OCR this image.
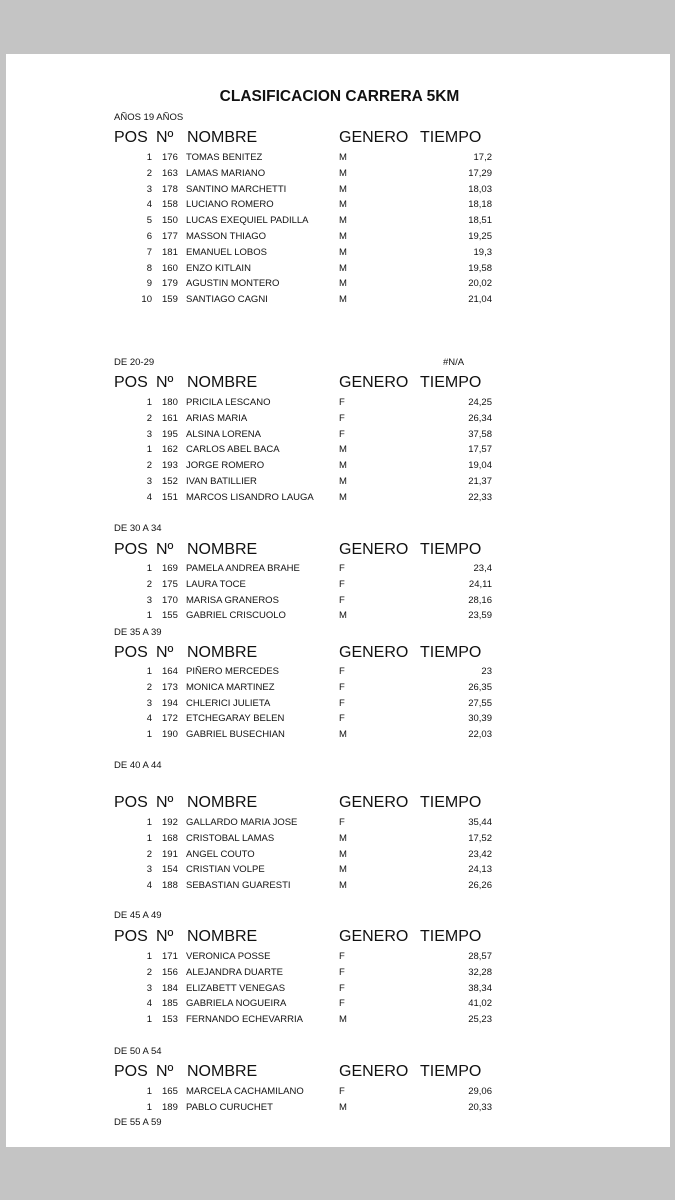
CLASIFICACION CARRERA 5KM
AÑOS 19 AÑOS
POS Nº NOMBRE	GENERO TIEMPO
1 176 TOMAS BENITEZ	M	17,2
2 163 LAMAS MARIANO	M	17,29
3 178 SANTINO MARCHETTI	M	18,03
4 158 LUCIANO ROMERO	M	18,18
5 150 LUCAS EXEQUIEL PADILLA	M	18,51
6 177 MASSON THIAGO	M	19,25
7 181 EMANUEL LOBOS	M	19,3
8 160 ENZO KITLAIN	M	19,58
9 179 AGUSTIN MONTERO	M	20,02
10 159 SANTIAGO CAGNI	M	21,04
DE 20-29	#N/A
POS Nº NOMBRE	GENERO TIEMPO
1 180 PRICILA LESCANO	F	24,25
2 161 ARIAS MARIA	F	26,34
3 195 ALSINA LORENA	F	37,58
1 162 CARLOS ABEL BACA	M	17,57
2 193 JORGE ROMERO	M	19,04
3 152 IVAN BATILLIER	M	21,37
4 151 MARCOS LISANDRO LAUGA	M	22,33
DE 30 A 34
POS Nº NOMBRE	GENERO TIEMPO
1 169 PAMELA ANDREA BRAHE	F	23,4
2 175 LAURA TOCE	F	24,11
3 170 MARISA GRANEROS	F	28,16
1 155 GABRIEL CRISCUOLO	M	23,59
DE 35 A 39
POS Nº NOMBRE	GENERO TIEMPO
1 164 PIÑERO MERCEDES	F	23
2 173 MONICA MARTINEZ	F	26,35
3 194 CHLERICI JULIETA	F	27,55
4 172 ETCHEGARAY BELEN	F	30,39
1 190 GABRIEL BUSECHIAN	M	22,03
DE 40 A 44
POS Nº NOMBRE	GENERO TIEMPO
1 192 GALLARDO MARIA JOSE	F	35,44
1 168 CRISTOBAL LAMAS	M	17,52
2 191 ANGEL COUTO	M	23,42
3 154 CRISTIAN VOLPE	M	24,13
4 188 SEBASTIAN GUARESTI	M	26,26
DE 45 A 49
POS Nº NOMBRE	GENERO TIEMPO
1 171 VERONICA POSSE	F	28,57
2 156 ALEJANDRA DUARTE	F	32,28
3 184 ELIZABETT VENEGAS	F	38,34
4 185 GABRIELA NOGUEIRA	F	41,02
1 153 FERNANDO ECHEVARRIA	M	25,23
DE 50 A 54
POS Nº NOMBRE	GENERO TIEMPO
1 165 MARCELA CACHAMILANO	F	29,06
1 189 PABLO CURUCHET	M	20,33
DE 55 A 59
